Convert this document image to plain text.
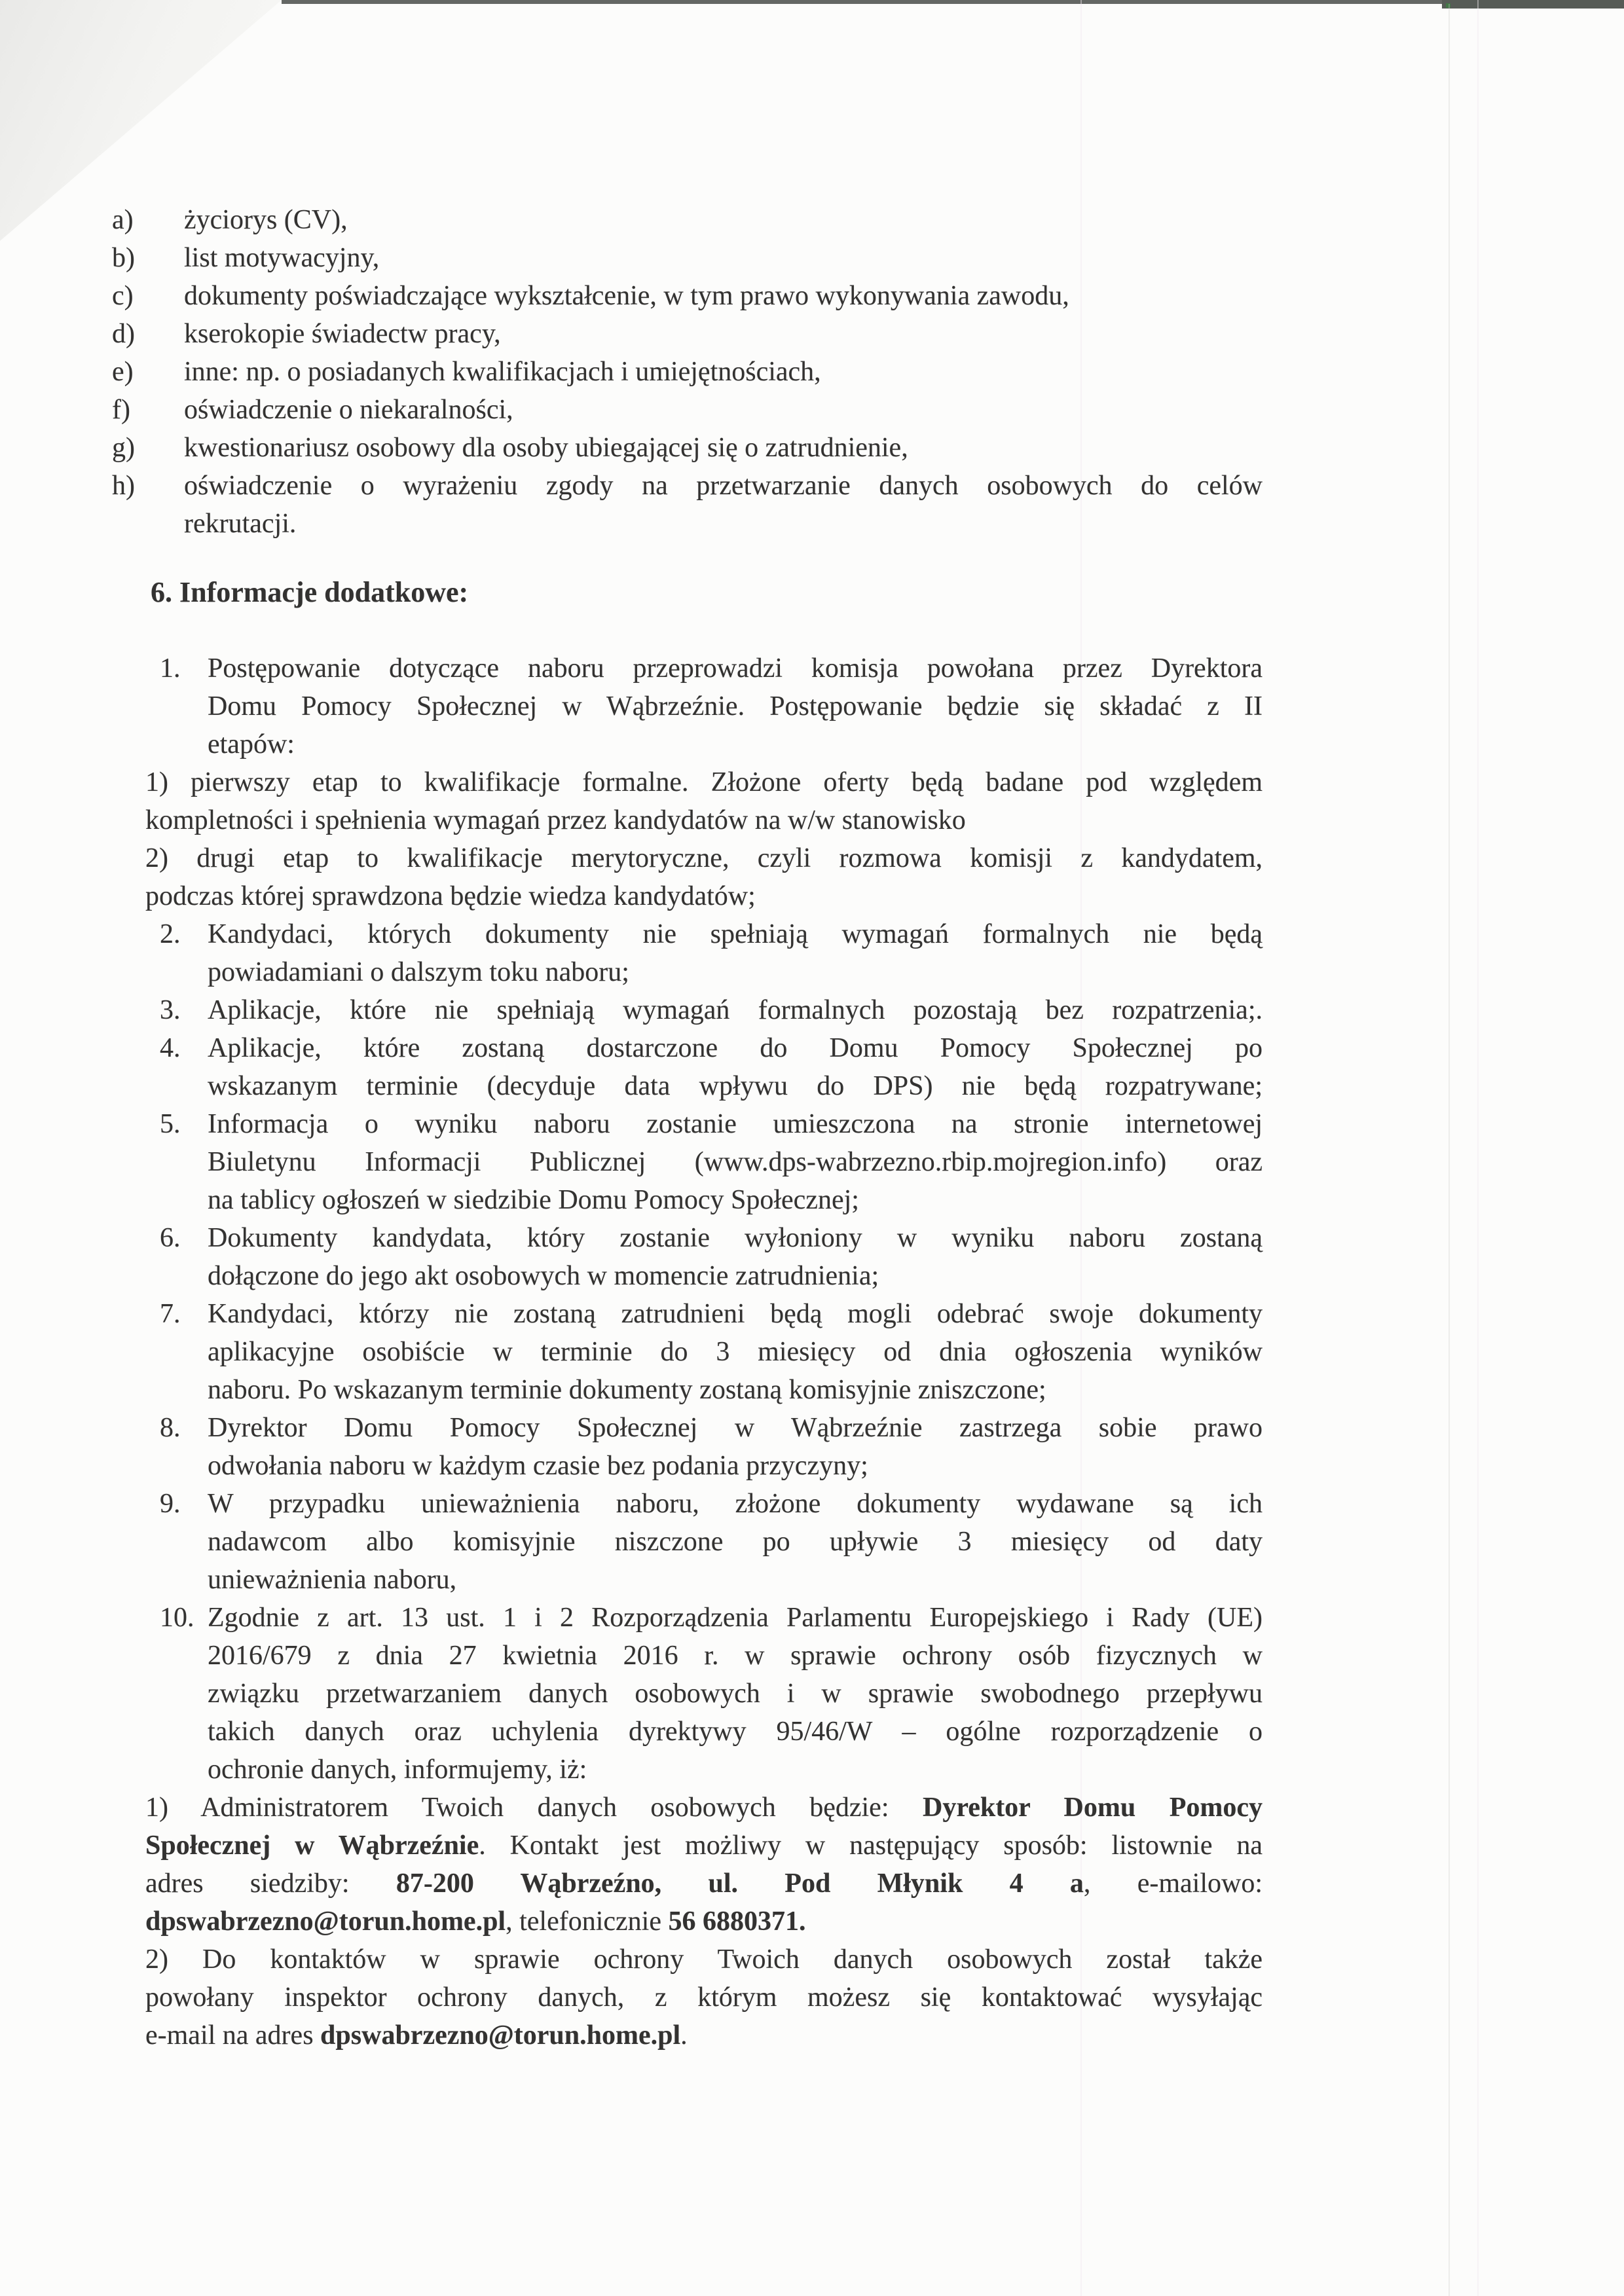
a) życiorys (CV),
b) list motywacyjny,
c) dokumenty poświadczające wykształcenie, w tym prawo wykonywania zawodu,
d) kserokopie świadectw pracy,
e) inne: np. o posiadanych kwalifikacjach i umiejętnościach,
f) oświadczenie o niekaralności,
g) kwestionariusz osobowy dla osoby ubiegającej się o zatrudnienie,
h) oświadczenie o wyrażeniu zgody na przetwarzanie danych osobowych do celów
rekrutacji.
6. Informacje dodatkowe:
1. Postępowanie dotyczące naboru przeprowadzi komisja powołana przez Dyrektora
Domu Pomocy Społecznej w Wąbrzeźnie. Postępowanie będzie się składać z II
etapów:
1) pierwszy etap to kwalifikacje formalne. Złożone oferty będą badane pod względem
kompletności i spełnienia wymagań przez kandydatów na w/w stanowisko
2) drugi etap to kwalifikacje merytoryczne, czyli rozmowa komisji z kandydatem,
podczas której sprawdzona będzie wiedza kandydatów;
2. Kandydaci, których dokumenty nie spełniają wymagań formalnych nie będą
powiadamiani o dalszym toku naboru;
3. Aplikacje, które nie spełniają wymagań formalnych pozostają bez rozpatrzenia;.
4. Aplikacje, które zostaną dostarczone do Domu Pomocy Społecznej po
wskazanym terminie (decyduje data wpływu do DPS) nie będą rozpatrywane;
5. Informacja o wyniku naboru zostanie umieszczona na stronie internetowej
Biuletynu Informacji Publicznej (www.dps-wabrzezno.rbip.mojregion.info) oraz
na tablicy ogłoszeń w siedzibie Domu Pomocy Społecznej;
6. Dokumenty kandydata, który zostanie wyłoniony w wyniku naboru zostaną
dołączone do jego akt osobowych w momencie zatrudnienia;
7. Kandydaci, którzy nie zostaną zatrudnieni będą mogli odebrać swoje dokumenty
aplikacyjne osobiście w terminie do 3 miesięcy od dnia ogłoszenia wyników
naboru. Po wskazanym terminie dokumenty zostaną komisyjnie zniszczone;
8. Dyrektor Domu Pomocy Społecznej w Wąbrzeźnie zastrzega sobie prawo
odwołania naboru w każdym czasie bez podania przyczyny;
9. W przypadku unieważnienia naboru, złożone dokumenty wydawane są ich
nadawcom albo komisyjnie niszczone po upływie 3 miesięcy od daty
unieważnienia naboru,
10. Zgodnie z art. 13 ust. 1 i 2 Rozporządzenia Parlamentu Europejskiego i Rady (UE)
2016/679 z dnia 27 kwietnia 2016 r. w sprawie ochrony osób fizycznych w
związku przetwarzaniem danych osobowych i w sprawie swobodnego przepływu
takich danych oraz uchylenia dyrektywy 95/46/W – ogólne rozporządzenie o
ochronie danych, informujemy, iż:
1) Administratorem Twoich danych osobowych będzie: Dyrektor Domu Pomocy
Społecznej w Wąbrzeźnie. Kontakt jest możliwy w następujący sposób: listownie na
adres siedziby: 87-200 Wąbrzeźno, ul. Pod Młynik 4 a, e-mailowo:
dpswabrzezno@torun.home.pl, telefonicznie 56 6880371.
2) Do kontaktów w sprawie ochrony Twoich danych osobowych został także
powołany inspektor ochrony danych, z którym możesz się kontaktować wysyłając
e-mail na adres dpswabrzezno@torun.home.pl.
